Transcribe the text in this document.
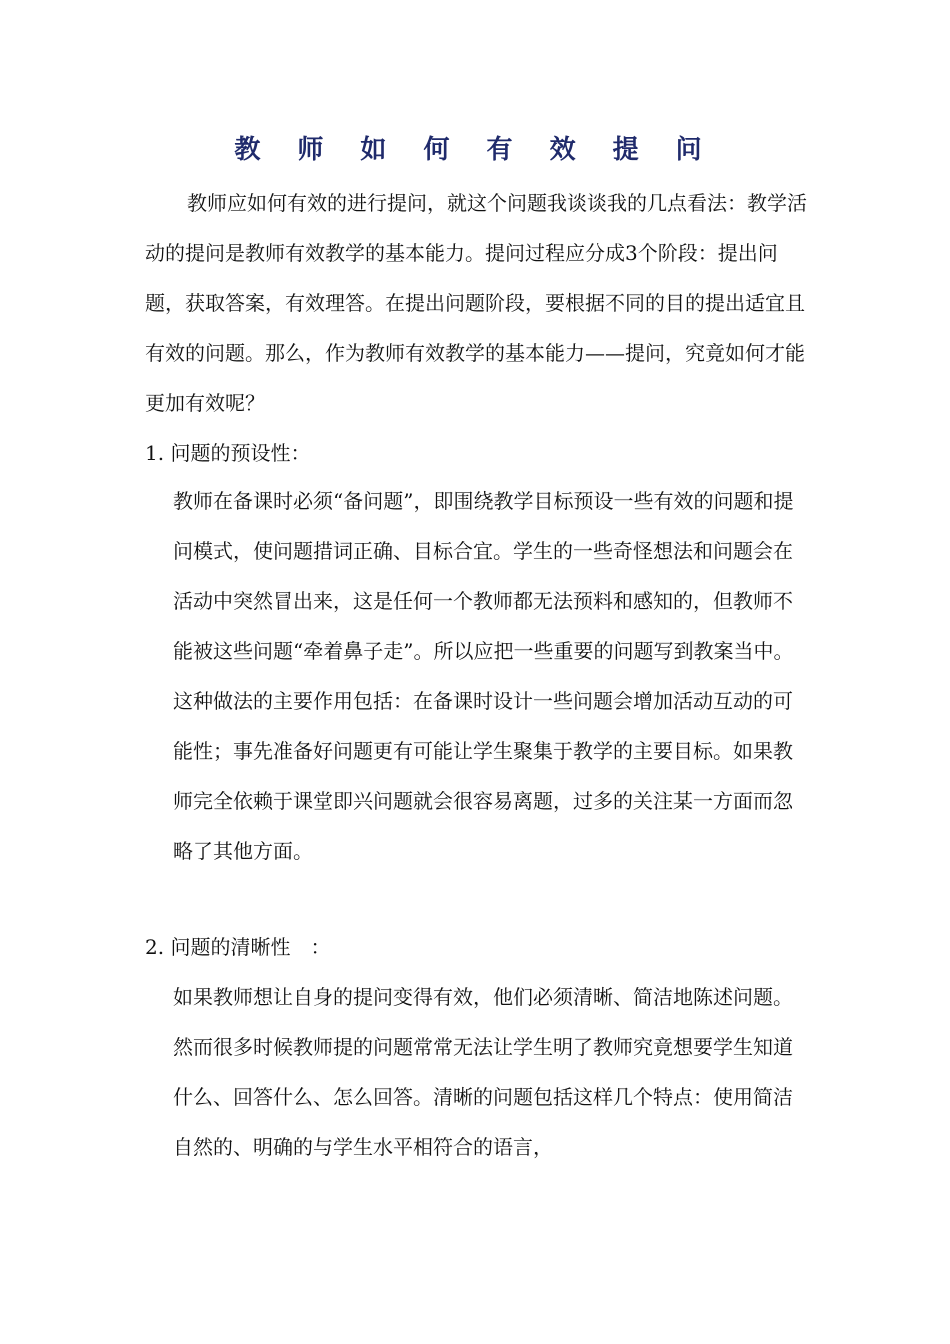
教 师 如 何 有 效 提 问

教师应如何有效的进行提问，就这个问题我谈谈我的几点看法：教学活动的提问是教师有效教学的基本能力。提问过程应分成3个阶段：提出问题，获取答案，有效理答。在提出问题阶段，要根据不同的目的提出适宜且有效的问题。那么，作为教师有效教学的基本能力——提问，究竟如何才能更加有效呢？

1. 问题的预设性：

教师在备课时必须“备问题”，即围绕教学目标预设一些有效的问题和提问模式，使问题措词正确、目标合宜。学生的一些奇怪想法和问题会在活动中突然冒出来，这是任何一个教师都无法预料和感知的，但教师不能被这些问题“牵着鼻子走”。所以应把一些重要的问题写到教案当中。这种做法的主要作用包括：在备课时设计一些问题会增加活动互动的可能性；事先准备好问题更有可能让学生聚集于教学的主要目标。如果教师完全依赖于课堂即兴问题就会很容易离题，过多的关注某一方面而忽略了其他方面。

2. 问题的清晰性　：

如果教师想让自身的提问变得有效，他们必须清晰、简洁地陈述问题。然而很多时候教师提的问题常常无法让学生明了教师究竟想要学生知道什么、回答什么、怎么回答。清晰的问题包括这样几个特点：使用简洁自然的、明确的与学生水平相符合的语言，
